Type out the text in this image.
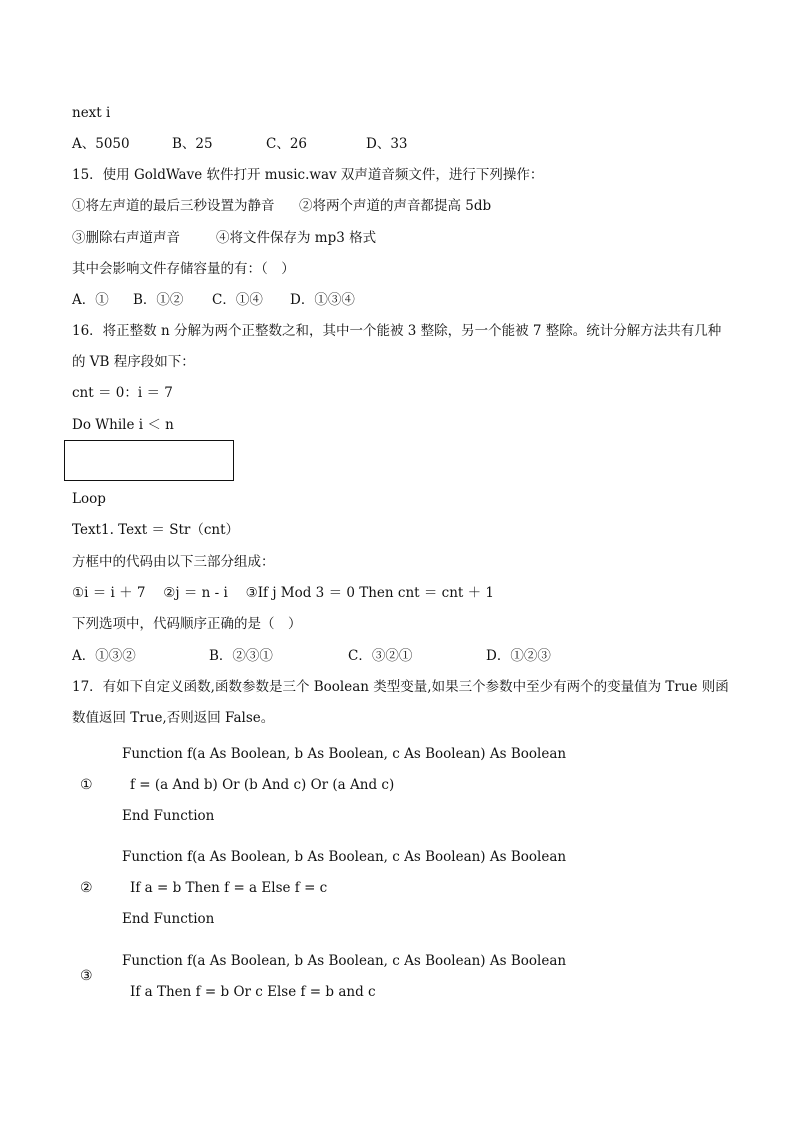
next i
A、5050	B、25	C、26	D、33
15．使用 GoldWave 软件打开 music.wav 双声道音频文件，进行下列操作：
①将左声道的最后三秒设置为静音 ②将两个声道的声音都提高 5db
③删除右声道声音	④将文件保存为 mp3 格式
其中会影响文件存储容量的有：（　）
A．① B．①② C．①④ D．①③④
16．将正整数 n 分解为两个正整数之和，其中一个能被 3 整除，另一个能被 7 整除。统计分解方法共有几种
的 VB 程序段如下：
cnt ＝ 0：i ＝ 7
Do While i ＜ n
Loop
Text1. Text ＝ Str（cnt）
方框中的代码由以下三部分组成：
①i ＝ i ＋ 7　 ②j ＝ n - i　 ③If j Mod 3 ＝ 0 Then cnt ＝ cnt ＋ 1
下列选项中，代码顺序正确的是（　）
A．①③②	B．②③①	C．③②①	D．①②③
17．有如下自定义函数,函数参数是三个 Boolean 类型变量,如果三个参数中至少有两个的变量值为 True 则函
数值返回 True,否则返回 False。
Function f(a As Boolean, b As Boolean, c As Boolean) As Boolean
①	f = (a And b) Or (b And c) Or (a And c)
End Function
Function f(a As Boolean, b As Boolean, c As Boolean) As Boolean
②	If a = b Then f = a Else f = c
End Function
Function f(a As Boolean, b As Boolean, c As Boolean) As Boolean
③
If a Then f = b Or c Else f = b and c
